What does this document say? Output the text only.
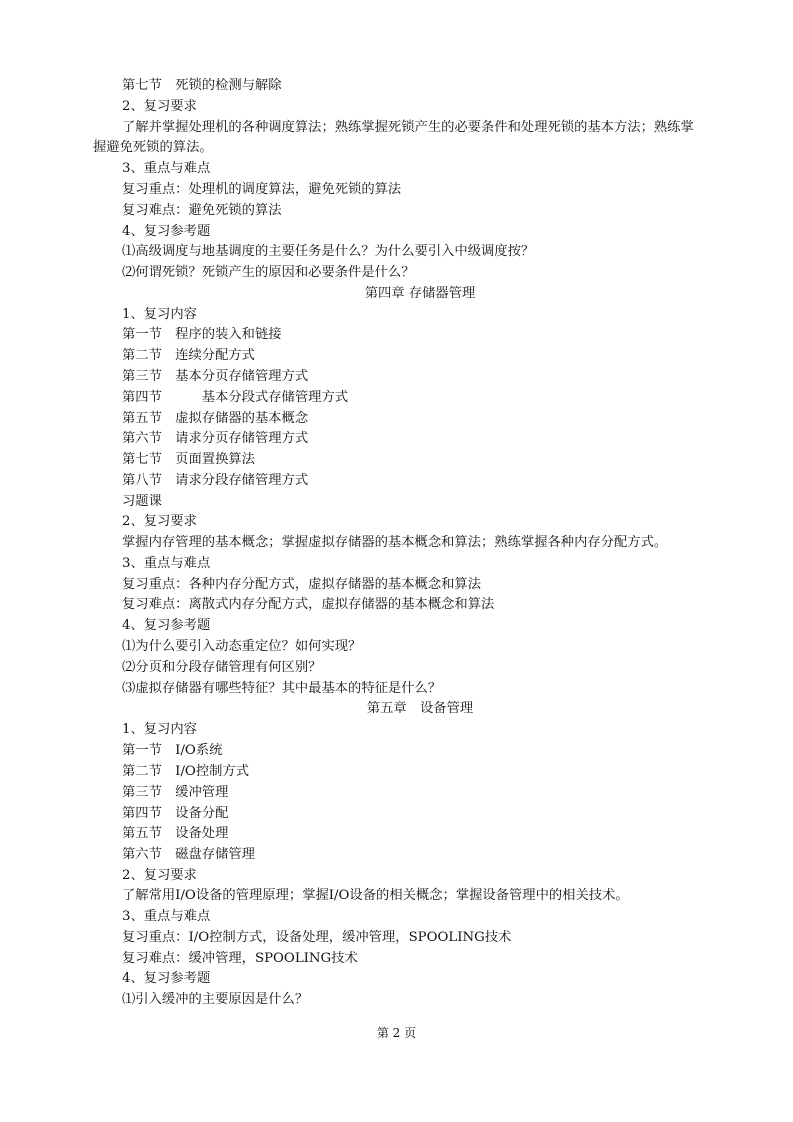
第七节　死锁的检测与解除
2、复习要求
了解并掌握处理机的各种调度算法；熟练掌握死锁产生的必要条件和处理死锁的基本方法；熟练掌
握避免死锁的算法。
3、重点与难点
复习重点：处理机的调度算法，避免死锁的算法
复习难点：避免死锁的算法
4、复习参考题
⑴高级调度与地基调度的主要任务是什么？为什么要引入中级调度按？
⑵何谓死锁？死锁产生的原因和必要条件是什么？
第四章 存储器管理
1、复习内容
第一节　程序的装入和链接
第二节　连续分配方式
第三节　基本分页存储管理方式
第四节　　　基本分段式存储管理方式
第五节　虚拟存储器的基本概念
第六节　请求分页存储管理方式
第七节　页面置换算法
第八节　请求分段存储管理方式
习题课
2、复习要求
掌握内存管理的基本概念；掌握虚拟存储器的基本概念和算法；熟练掌握各种内存分配方式。
3、重点与难点
复习重点：各种内存分配方式，虚拟存储器的基本概念和算法
复习难点：离散式内存分配方式，虚拟存储器的基本概念和算法
4、复习参考题
⑴为什么要引入动态重定位？如何实现？
⑵分页和分段存储管理有何区别？
⑶虚拟存储器有哪些特征？其中最基本的特征是什么？
第五章　设备管理
1、复习内容
第一节　I/O系统
第二节　I/O控制方式
第三节　缓冲管理
第四节　设备分配
第五节　设备处理
第六节　磁盘存储管理
2、复习要求
了解常用I/O设备的管理原理；掌握I/O设备的相关概念；掌握设备管理中的相关技术。
3、重点与难点
复习重点：I/O控制方式，设备处理，缓冲管理，SPOOLING技术
复习难点：缓冲管理，SPOOLING技术
4、复习参考题
⑴引入缓冲的主要原因是什么？
第 2 页
